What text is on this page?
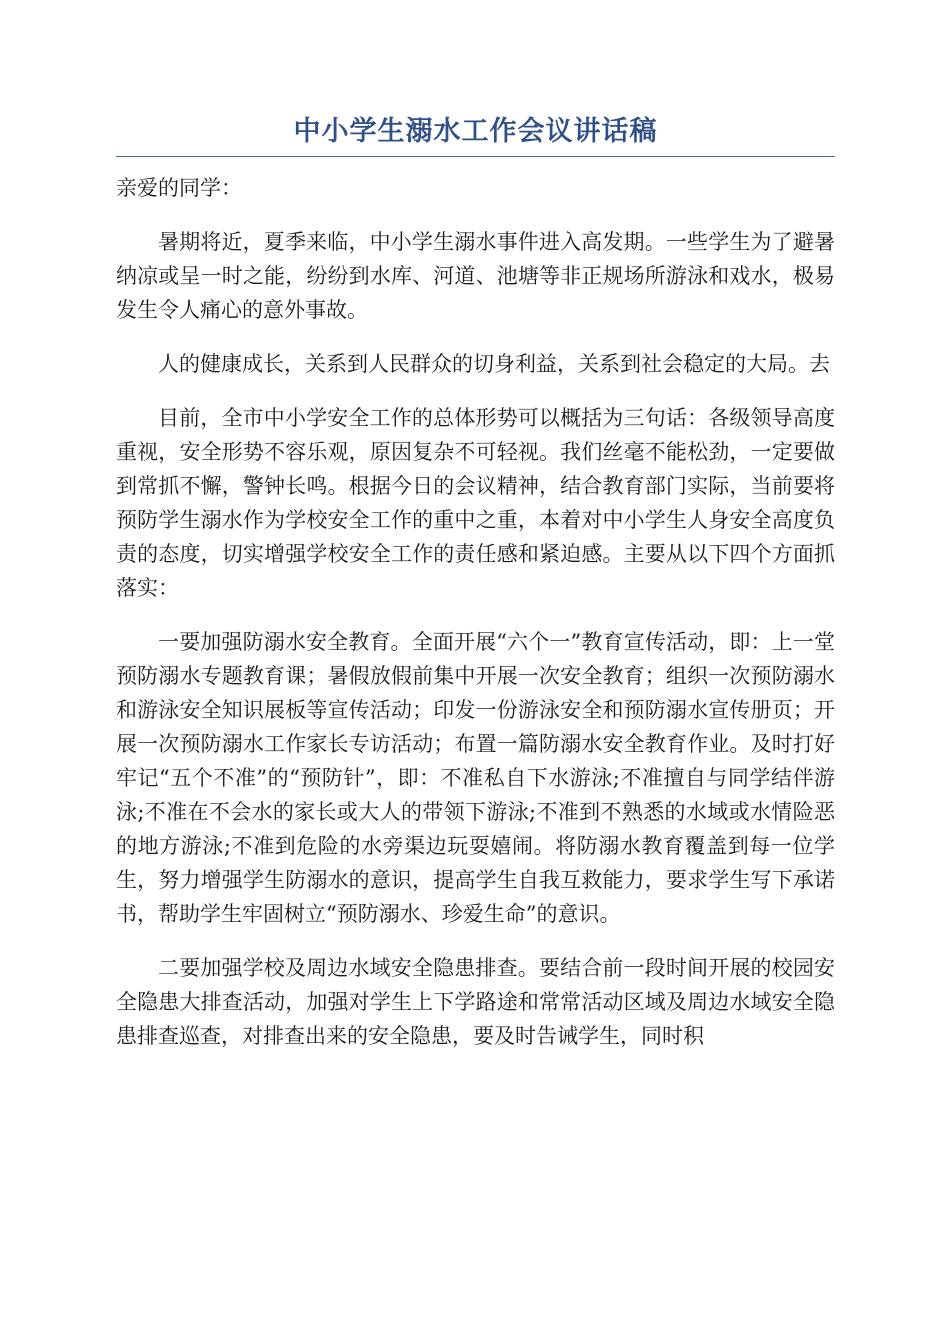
中小学生溺水工作会议讲话稿

亲爱的同学：

暑期将近，夏季来临，中小学生溺水事件进入高发期。一些学生为了避暑纳凉或呈一时之能，纷纷到水库、河道、池塘等非正规场所游泳和戏水，极易发生令人痛心的意外事故。

人的健康成长，关系到人民群众的切身利益，关系到社会稳定的大局。去

目前，全市中小学安全工作的总体形势可以概括为三句话：各级领导高度重视，安全形势不容乐观，原因复杂不可轻视。我们丝毫不能松劲，一定要做到常抓不懈，警钟长鸣。根据今日的会议精神，结合教育部门实际，当前要将预防学生溺水作为学校安全工作的重中之重，本着对中小学生人身安全高度负责的态度，切实增强学校安全工作的责任感和紧迫感。主要从以下四个方面抓落实：

一要加强防溺水安全教育。全面开展“六个一”教育宣传活动，即：上一堂预防溺水专题教育课；暑假放假前集中开展一次安全教育；组织一次预防溺水和游泳安全知识展板等宣传活动；印发一份游泳安全和预防溺水宣传册页；开展一次预防溺水工作家长专访活动；布置一篇防溺水安全教育作业。及时打好牢记“五个不准”的“预防针”，即：不准私自下水游泳;不准擅自与同学结伴游泳;不准在不会水的家长或大人的带领下游泳;不准到不熟悉的水域或水情险恶的地方游泳;不准到危险的水旁渠边玩耍嬉闹。将防溺水教育覆盖到每一位学生，努力增强学生防溺水的意识，提高学生自我互救能力，要求学生写下承诺书，帮助学生牢固树立“预防溺水、珍爱生命”的意识。

二要加强学校及周边水域安全隐患排查。要结合前一段时间开展的校园安全隐患大排查活动，加强对学生上下学路途和常常活动区域及周边水域安全隐患排查巡查，对排查出来的安全隐患，要及时告诫学生，同时积
